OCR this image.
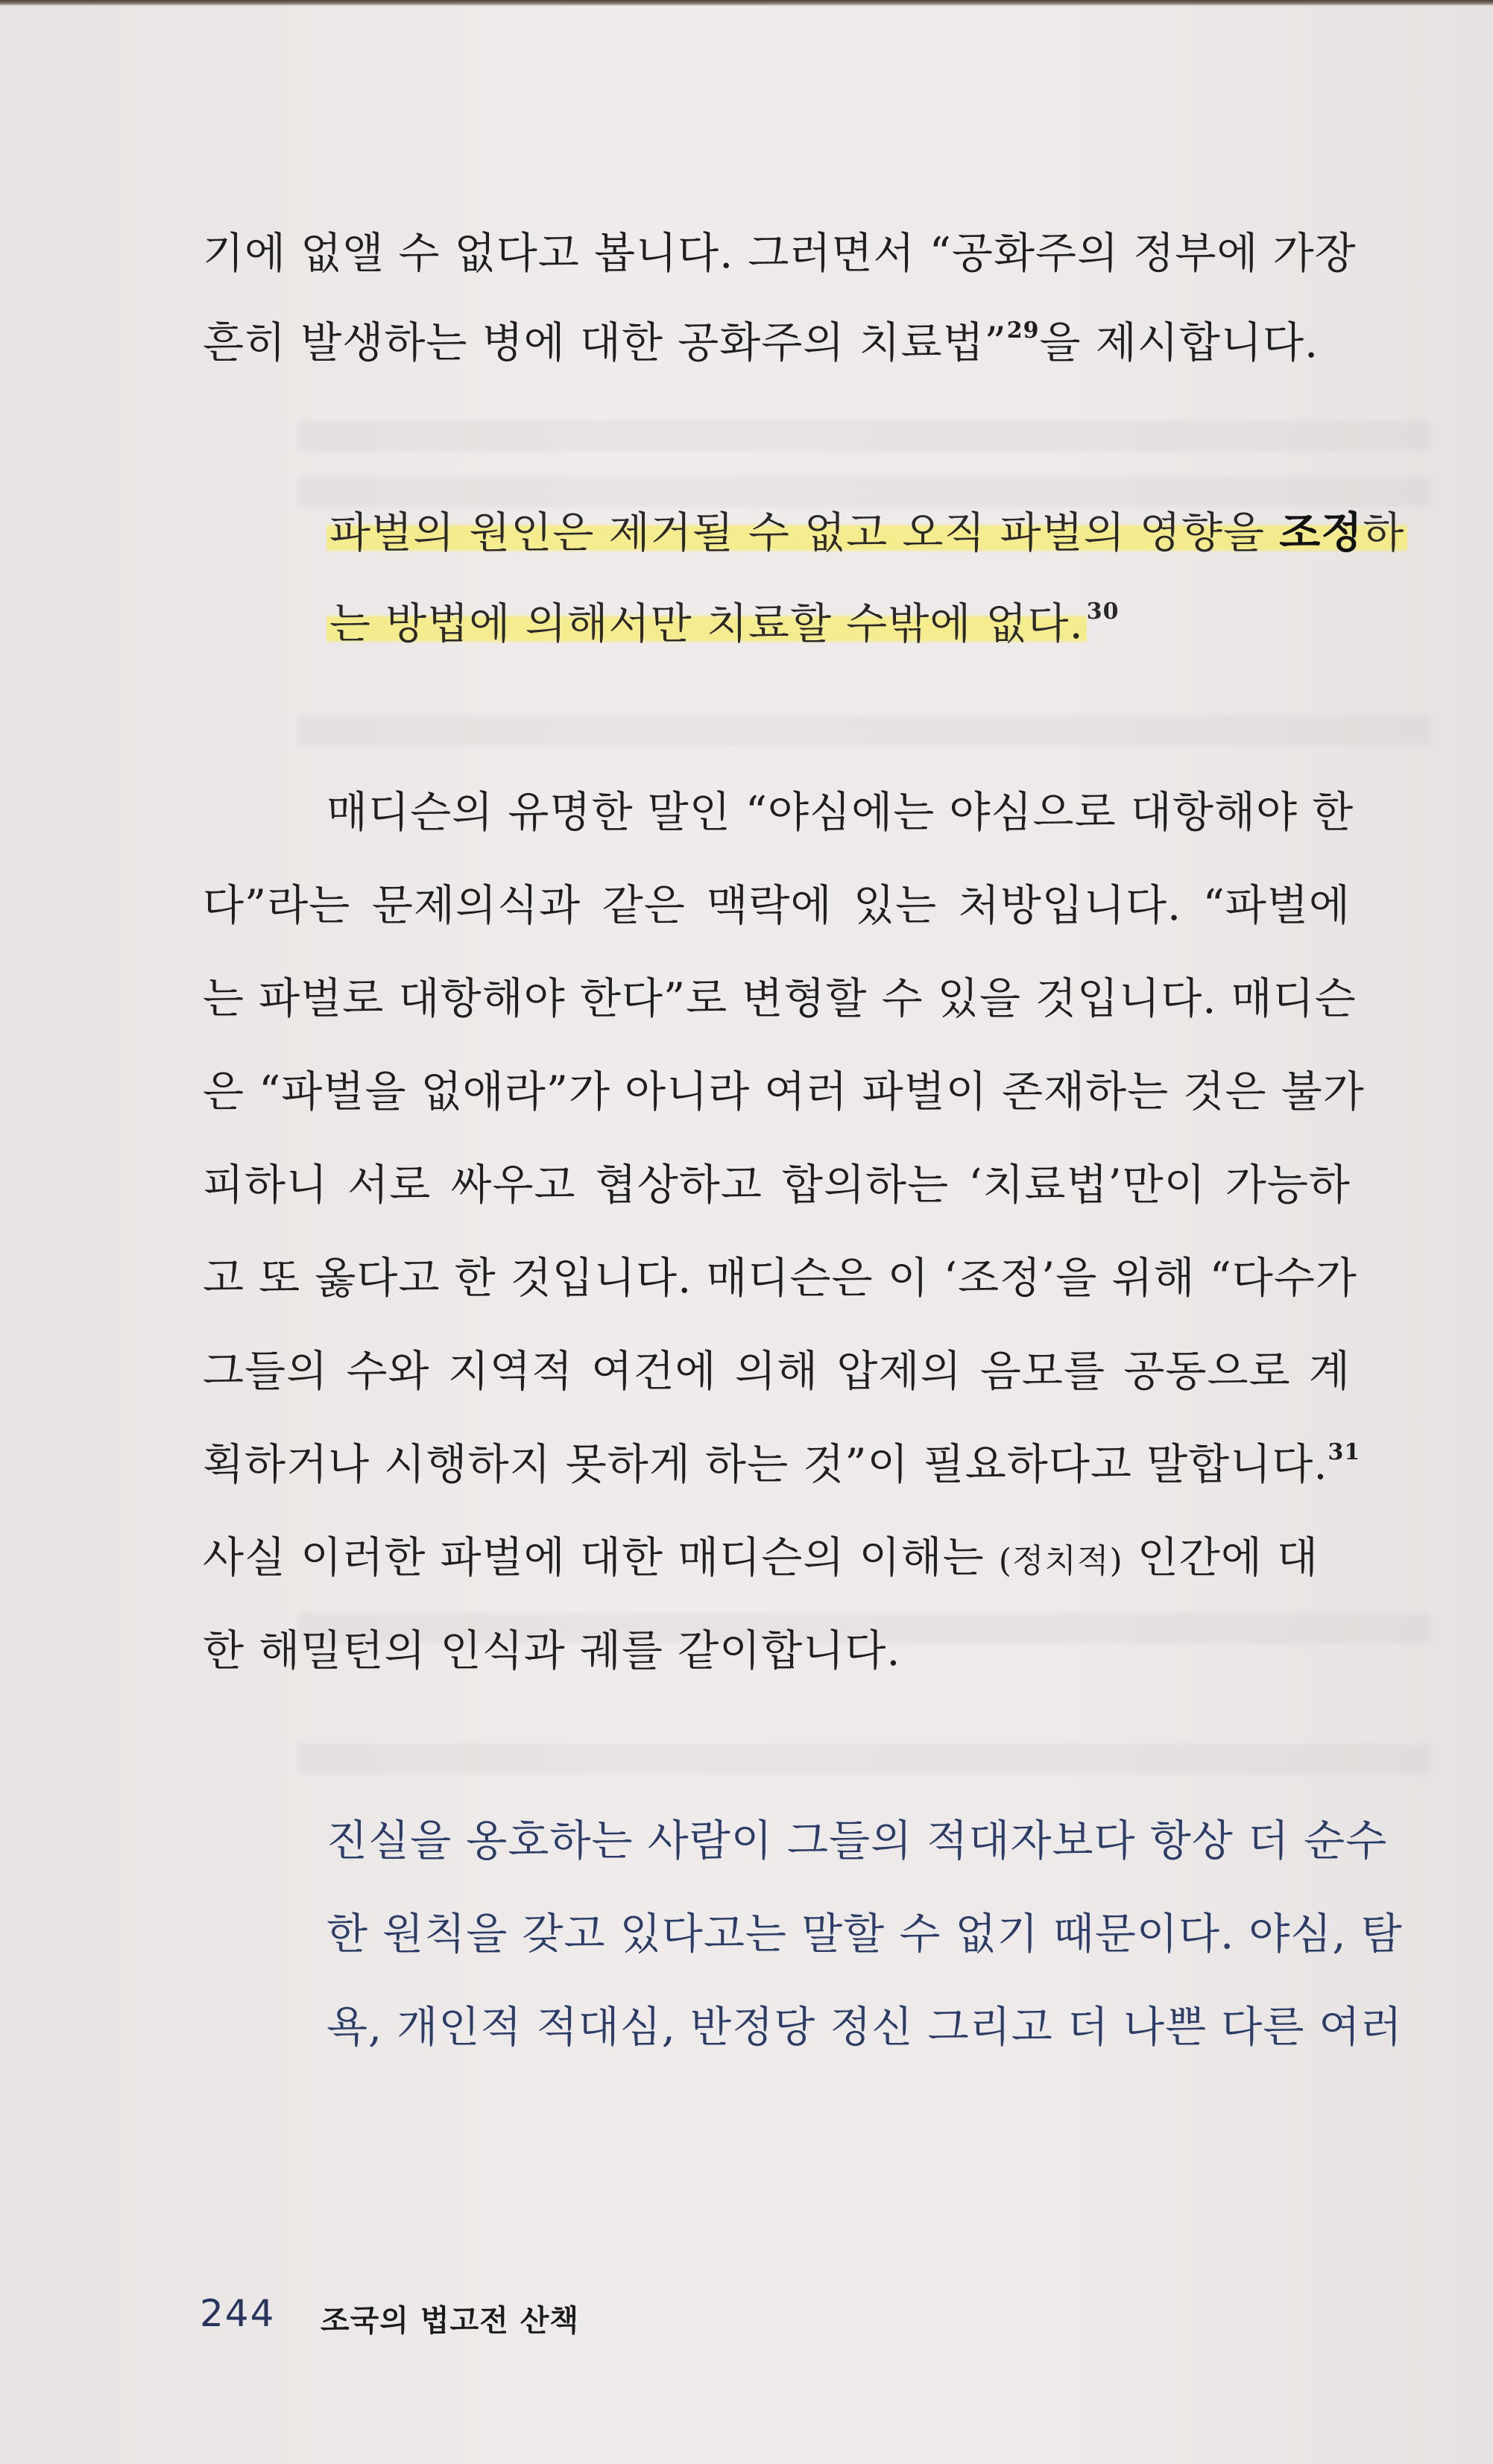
기에 없앨 수 없다고 봅니다. 그러면서 “공화주의 정부에 가장
흔히 발생하는 병에 대한 공화주의 치료법”$^{29}$을 제시합니다.
파벌의 원인은 제거될 수 없고 오직 파벌의 영향을 조정하
는 방법에 의해서만 치료할 수밖에 없다. $^{30}$
매디슨의 유명한 말인 “야심에는 야심으로 대항해야 한
다”라는 문제의식과 같은 맥락에 있는 처방입니다. “파벌에
는 파벌로 대항해야 한다”로 변형할 수 있을 것입니다. 매디슨
은 “파벌을 없애라”가 아니라 여러 파벌이 존재하는 것은 불가
피하니 서로 싸우고 협상하고 합의하는 ‘치료법’만이 가능하
고 또 옳다고 한 것입니다. 매디슨은 이 ‘조정’을 위해 “다수가
그들의 수와 지역적 여건에 의해 압제의 음모를 공동으로 계
획하거나 시행하지 못하게 하는 것”이 필요하다고 말합니다.$^{31}$
사실 이러한 파벌에 대한 매디슨의 이해는 (정치적) 인간에 대
한 해밀턴의 인식과 궤를 같이합니다.
진실을 옹호하는 사람이 그들의 적대자보다 항상 더 순수
한 원칙을 갖고 있다고는 말할 수 없기 때문이다. 야심, 탐
욕, 개인적 적대심, 반정당 정신 그리고 더 나쁜 다른 여러
244 조국의 법고전 산책
